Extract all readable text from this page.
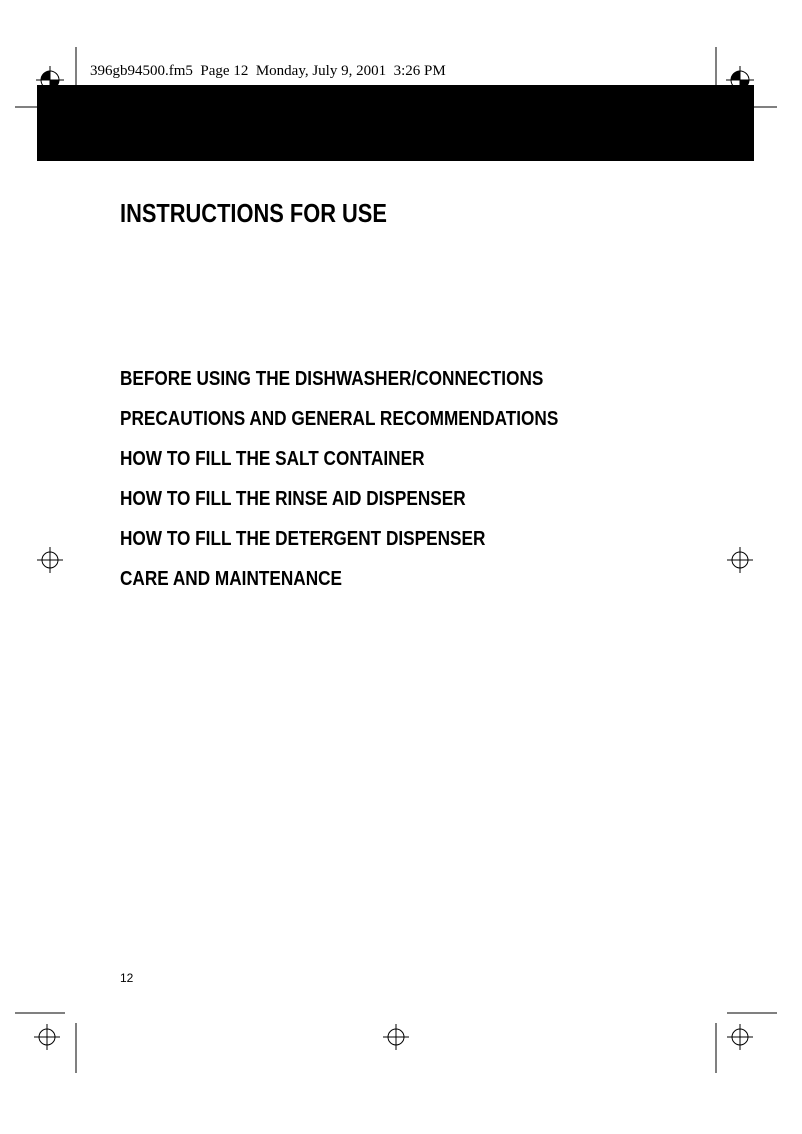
396gb94500.fm5  Page 12  Monday, July 9, 2001  3:26 PM
INSTRUCTIONS FOR USE
BEFORE USING THE DISHWASHER/CONNECTIONS
PRECAUTIONS AND GENERAL RECOMMENDATIONS
HOW TO FILL THE SALT CONTAINER
HOW TO FILL THE RINSE AID DISPENSER
HOW TO FILL THE DETERGENT DISPENSER
CARE AND MAINTENANCE
12
